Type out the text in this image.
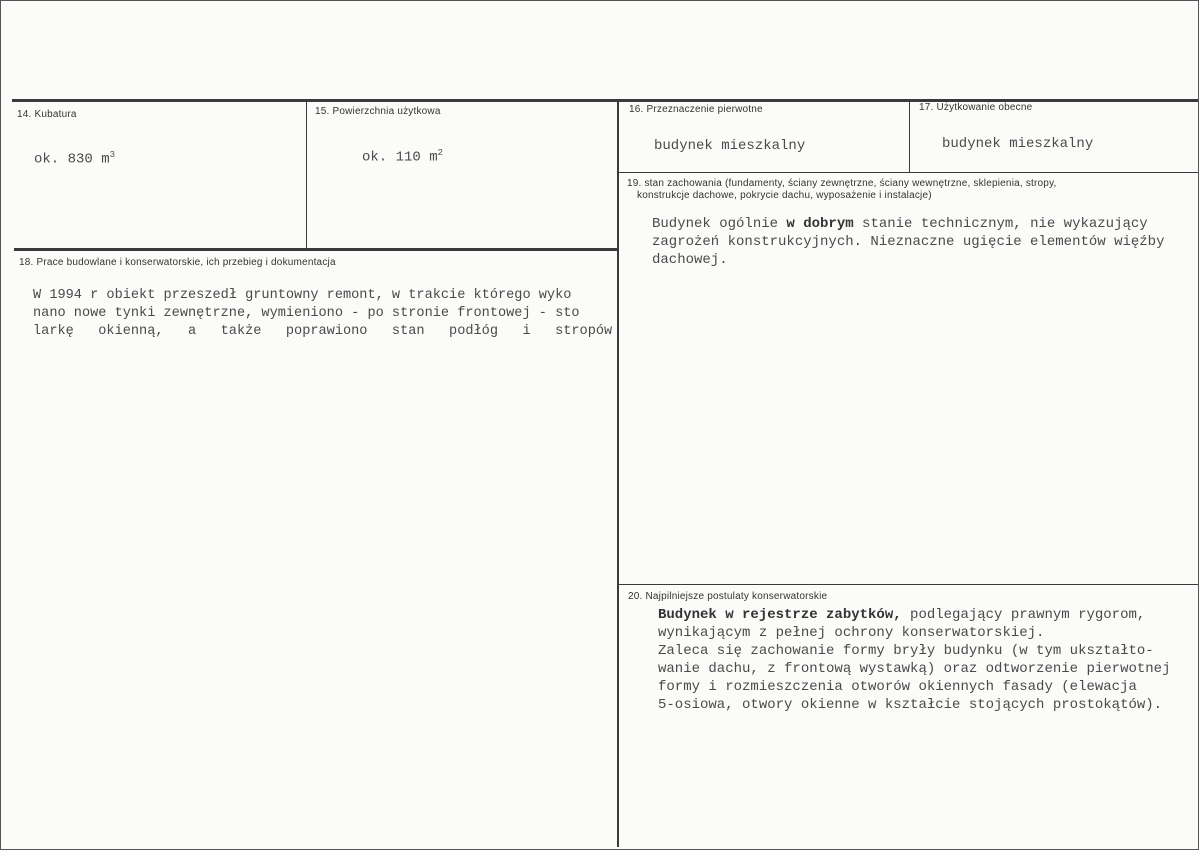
14. Kubatura
ok. 830 $m^3$
15. Powierzchnia użytkowa
ok. 110 $m^2$
16. Przeznaczenie pierwotne
budynek mieszkalny
17. Użytkowanie obecne
budynek mieszkalny
18. Prace budowlane i konserwatorskie, ich przebieg i dokumentacja
W 1994 r obiekt przeszedł gruntowny remont, w trakcie którego wyko
nano nowe tynki zewnętrzne, wymieniono - po stronie frontowej - sto
larkę   okienną,   a   także   poprawiono   stan   podłóg   i   stropów
19. stan zachowania (fundamenty, ściany zewnętrzne, ściany wewnętrzne, sklepienia, stropy,
konstrukcje dachowe, pokrycie dachu, wyposażenie i instalacje)
Budynek ogólnie w dobrym stanie technicznym, nie wykazujący
zagrożeń konstrukcyjnych. Nieznaczne ugięcie elementów więźby
dachowej.
20. Najpilniejsze postulaty konserwatorskie
Budynek w rejestrze zabytków, podlegający prawnym rygorom,
wynikającym z pełnej ochrony konserwatorskiej.
Zaleca się zachowanie formy bryły budynku (w tym ukształto-
wanie dachu, z frontową wystawką) oraz odtworzenie pierwotnej
formy i rozmieszczenia otworów okiennych fasady (elewacja
5-osiowa, otwory okienne w kształcie stojących prostokątów).
